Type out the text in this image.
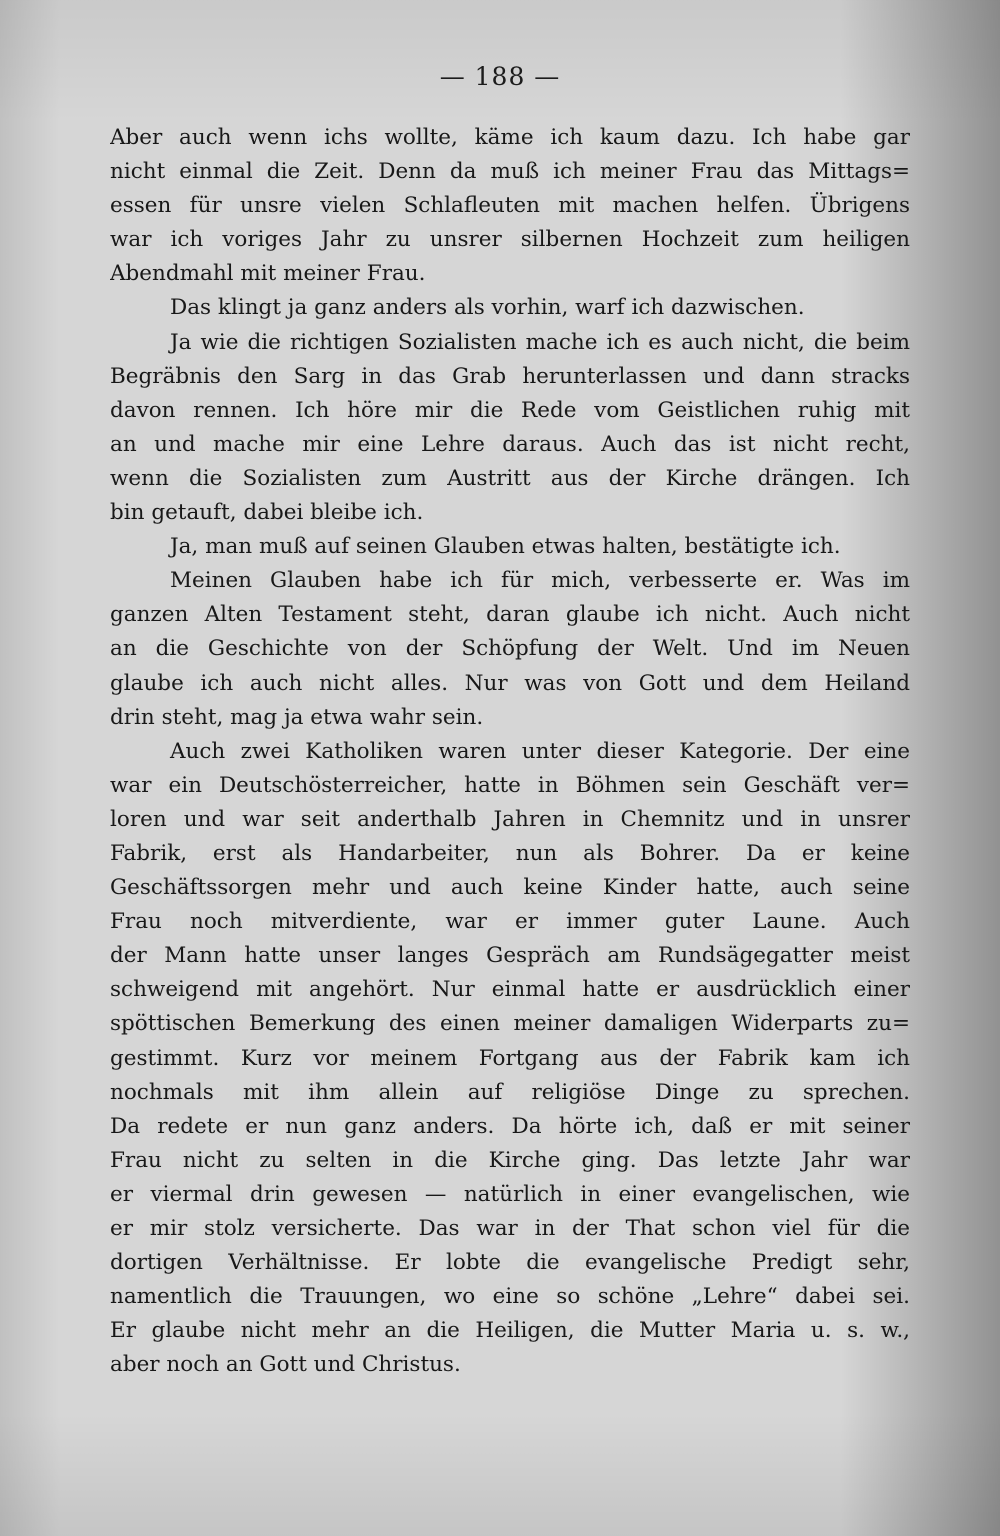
— 188 —
Aber auch wenn ichs wollte, käme ich kaum dazu. Ich habe gar
nicht einmal die Zeit. Denn da muß ich meiner Frau das Mittags=
essen für unsre vielen Schlafleuten mit machen helfen. Übrigens
war ich voriges Jahr zu unsrer silbernen Hochzeit zum heiligen
Abendmahl mit meiner Frau.
Das klingt ja ganz anders als vorhin, warf ich dazwischen.
Ja wie die richtigen Sozialisten mache ich es auch nicht, die beim
Begräbnis den Sarg in das Grab herunterlassen und dann stracks
davon rennen. Ich höre mir die Rede vom Geistlichen ruhig mit
an und mache mir eine Lehre daraus. Auch das ist nicht recht,
wenn die Sozialisten zum Austritt aus der Kirche drängen. Ich
bin getauft, dabei bleibe ich.
Ja, man muß auf seinen Glauben etwas halten, bestätigte ich.
Meinen Glauben habe ich für mich, verbesserte er. Was im
ganzen Alten Testament steht, daran glaube ich nicht. Auch nicht
an die Geschichte von der Schöpfung der Welt. Und im Neuen
glaube ich auch nicht alles. Nur was von Gott und dem Heiland
drin steht, mag ja etwa wahr sein.
Auch zwei Katholiken waren unter dieser Kategorie. Der eine
war ein Deutschösterreicher, hatte in Böhmen sein Geschäft ver=
loren und war seit anderthalb Jahren in Chemnitz und in unsrer
Fabrik, erst als Handarbeiter, nun als Bohrer. Da er keine
Geschäftssorgen mehr und auch keine Kinder hatte, auch seine
Frau noch mitverdiente, war er immer guter Laune. Auch
der Mann hatte unser langes Gespräch am Rundsägegatter meist
schweigend mit angehört. Nur einmal hatte er ausdrücklich einer
spöttischen Bemerkung des einen meiner damaligen Widerparts zu=
gestimmt. Kurz vor meinem Fortgang aus der Fabrik kam ich
nochmals mit ihm allein auf religiöse Dinge zu sprechen.
Da redete er nun ganz anders. Da hörte ich, daß er mit seiner
Frau nicht zu selten in die Kirche ging. Das letzte Jahr war
er viermal drin gewesen — natürlich in einer evangelischen, wie
er mir stolz versicherte. Das war in der That schon viel für die
dortigen Verhältnisse. Er lobte die evangelische Predigt sehr,
namentlich die Trauungen, wo eine so schöne „Lehre“ dabei sei.
Er glaube nicht mehr an die Heiligen, die Mutter Maria u. s. w.,
aber noch an Gott und Christus.
